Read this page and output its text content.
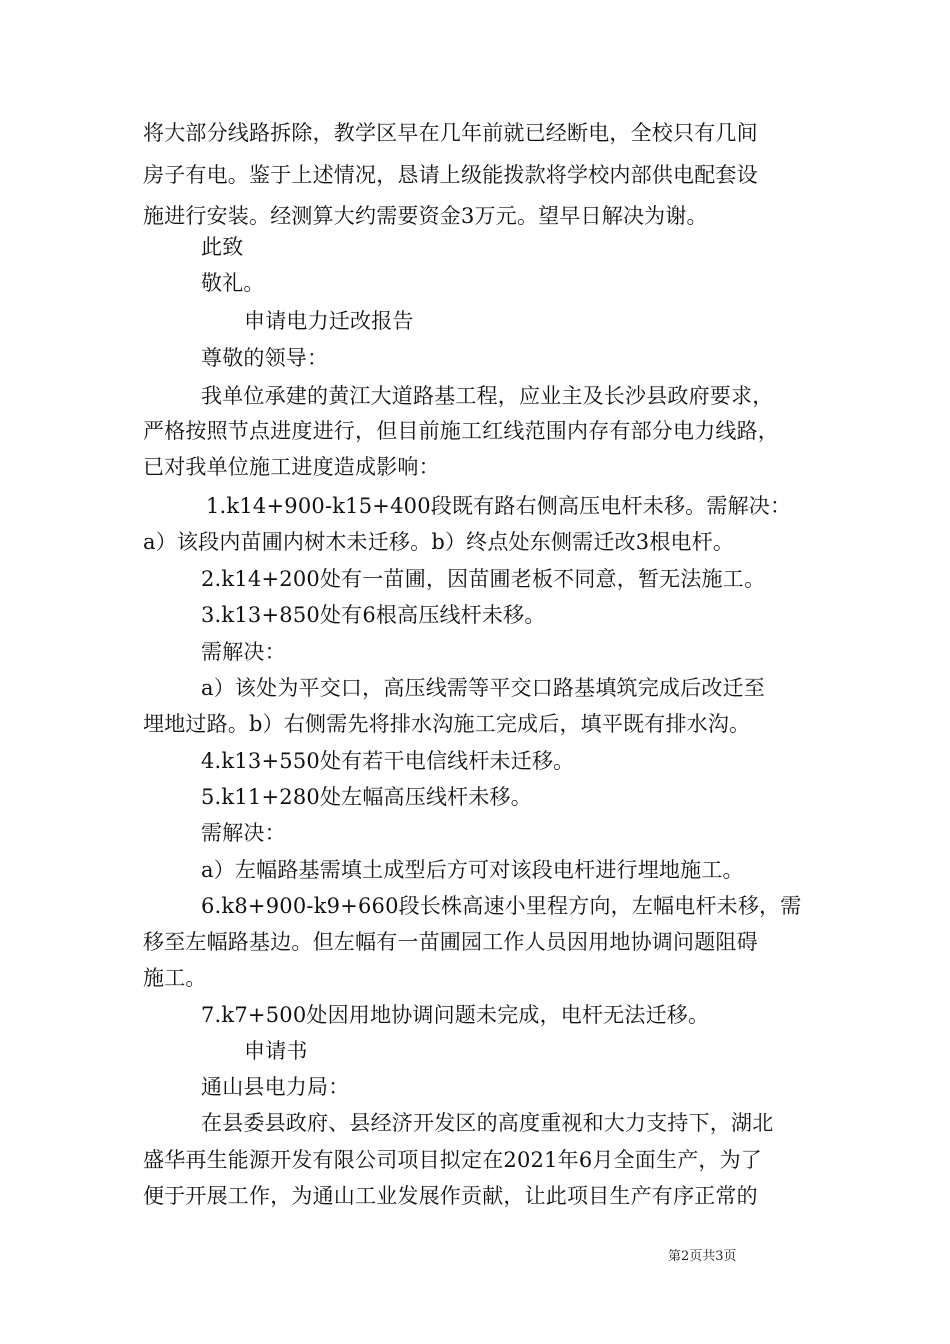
将大部分线路拆除，教学区早在几年前就已经断电，全校只有几间
房子有电。鉴于上述情况，恳请上级能拨款将学校内部供电配套设
施进行安装。经测算大约需要资金3万元。望早日解决为谢。
此致
敬礼。
申请电力迁改报告
尊敬的领导：
我单位承建的黄江大道路基工程，应业主及长沙县政府要求，
严格按照节点进度进行，但目前施工红线范围内存有部分电力线路，
已对我单位施工进度造成影响：
1.k14+900-k15+400段既有路右侧高压电杆未移。需解决：
a）该段内苗圃内树木未迁移。b）终点处东侧需迁改3根电杆。
2.k14+200处有一苗圃，因苗圃老板不同意，暂无法施工。
3.k13+850处有6根高压线杆未移。
需解决：
a）该处为平交口，高压线需等平交口路基填筑完成后改迁至
埋地过路。b）右侧需先将排水沟施工完成后，填平既有排水沟。
4.k13+550处有若干电信线杆未迁移。
5.k11+280处左幅高压线杆未移。
需解决：
a）左幅路基需填土成型后方可对该段电杆进行埋地施工。
6.k8+900-k9+660段长株高速小里程方向，左幅电杆未移，需
移至左幅路基边。但左幅有一苗圃园工作人员因用地协调问题阻碍
施工。
7.k7+500处因用地协调问题未完成，电杆无法迁移。
申请书
通山县电力局：
在县委县政府、县经济开发区的高度重视和大力支持下，湖北
盛华再生能源开发有限公司项目拟定在2021年6月全面生产，为了
便于开展工作，为通山工业发展作贡献，让此项目生产有序正常的
第2页共3页
